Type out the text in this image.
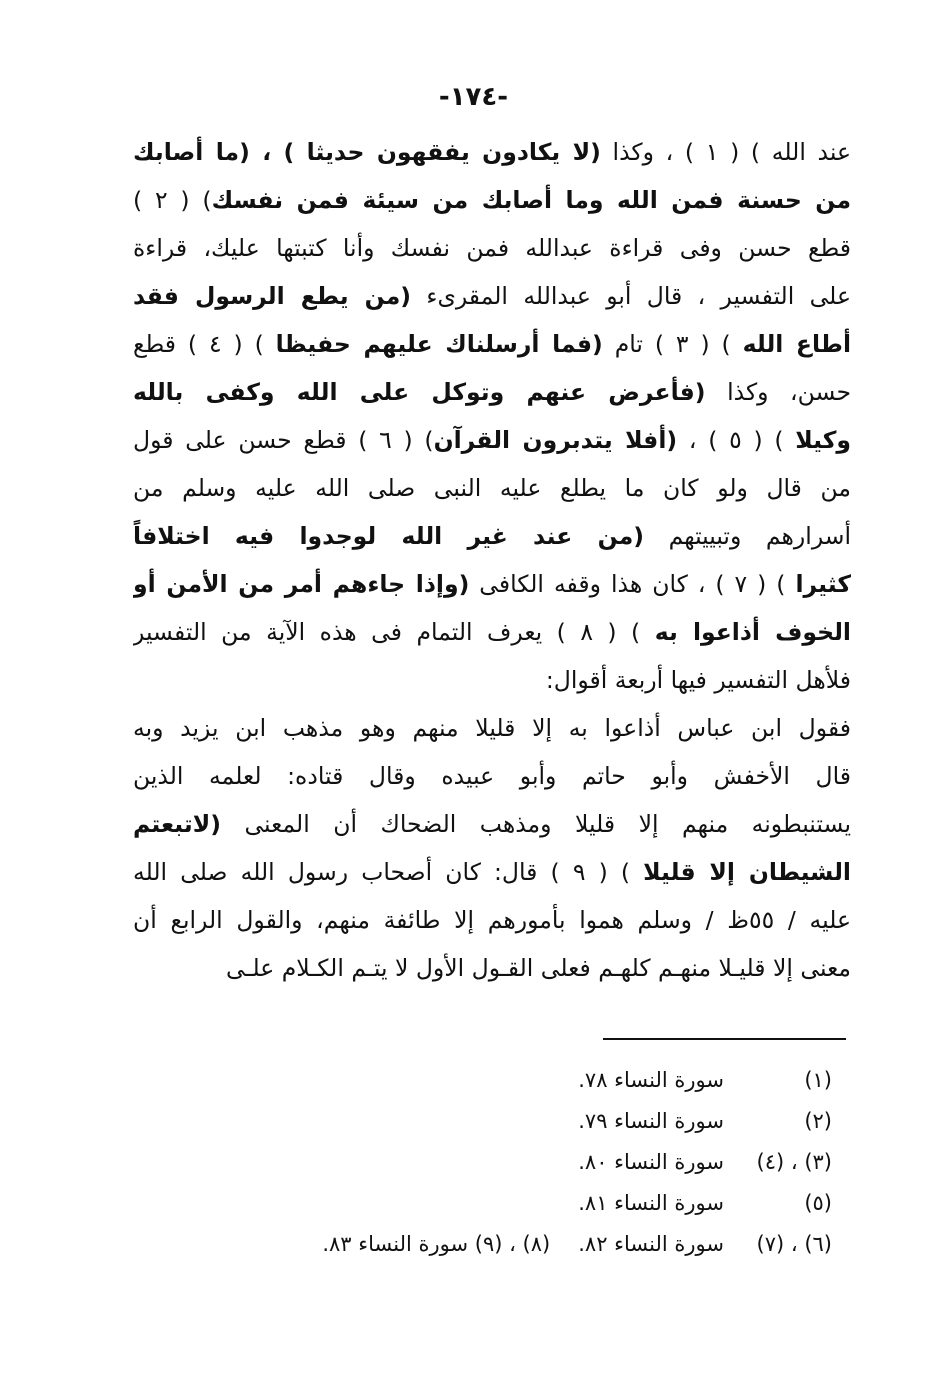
-١٧٤-
عند الله ) ( ١ ) ، وكذا (لا يكادون يفقهون حديثا ) ، (ما أصابك
من حسنة فمن الله وما أصابك من سيئة فمن نفسك) ( ٢ )
قطع حسن وفى قراءة عبدالله فمن نفسك وأنا كتبتها عليك، قراءة
على التفسير ، قال أبو عبدالله المقرىء (من يطع الرسول فقد
أطاع الله ) ( ٣ ) تام (فما أرسلناك عليهم حفيظا ) ( ٤ ) قطع
حسن، وكذا (فأعرض عنهم وتوكل على الله وكفى بالله
وكيلا ) ( ٥ ) ، (أفلا يتدبرون القرآن) ( ٦ ) قطع حسن على قول
من قال ولو كان ما يطلع عليه النبى صلى الله عليه وسلم من
أسرارهم وتبييتهم (من عند غير الله لوجدوا فيه اختلافاً
كثيرا ) ( ٧ ) ، كان هذا وقفه الكافى (وإذا جاءهم أمر من الأمن أو
الخوف أذاعوا به ) ( ٨ ) يعرف التمام فى هذه الآية من التفسير
فلأهل التفسير فيها أربعة أقوال:
فقول ابن عباس أذاعوا به إلا قليلا منهم وهو مذهب ابن يزيد وبه
قال الأخفش وأبو حاتم وأبو عبيده وقال قتاده: لعلمه الذين
يستنبطونه منهم إلا قليلا ومذهب الضحاك أن المعنى (لاتبعتم
الشيطان إلا قليلا ) ( ٩ ) قال: كان أصحاب رسول الله صلى الله
عليه / ٥٥ظ / وسلم هموا بأمورهم إلا طائفة منهم، والقول الرابع أن
معنى إلا قليـلا منهـم كلهـم فعلى القـول الأول لا يتـم الكـلام علـى
(١)سورة النساء ٧٨.
(٢)سورة النساء ٧٩.
(٣) ، (٤)سورة النساء ٨٠.
(٥)سورة النساء ٨١.
(٦) ، (٧)سورة النساء ٨٢.(٨) ، (٩) سورة النساء ٨٣.
